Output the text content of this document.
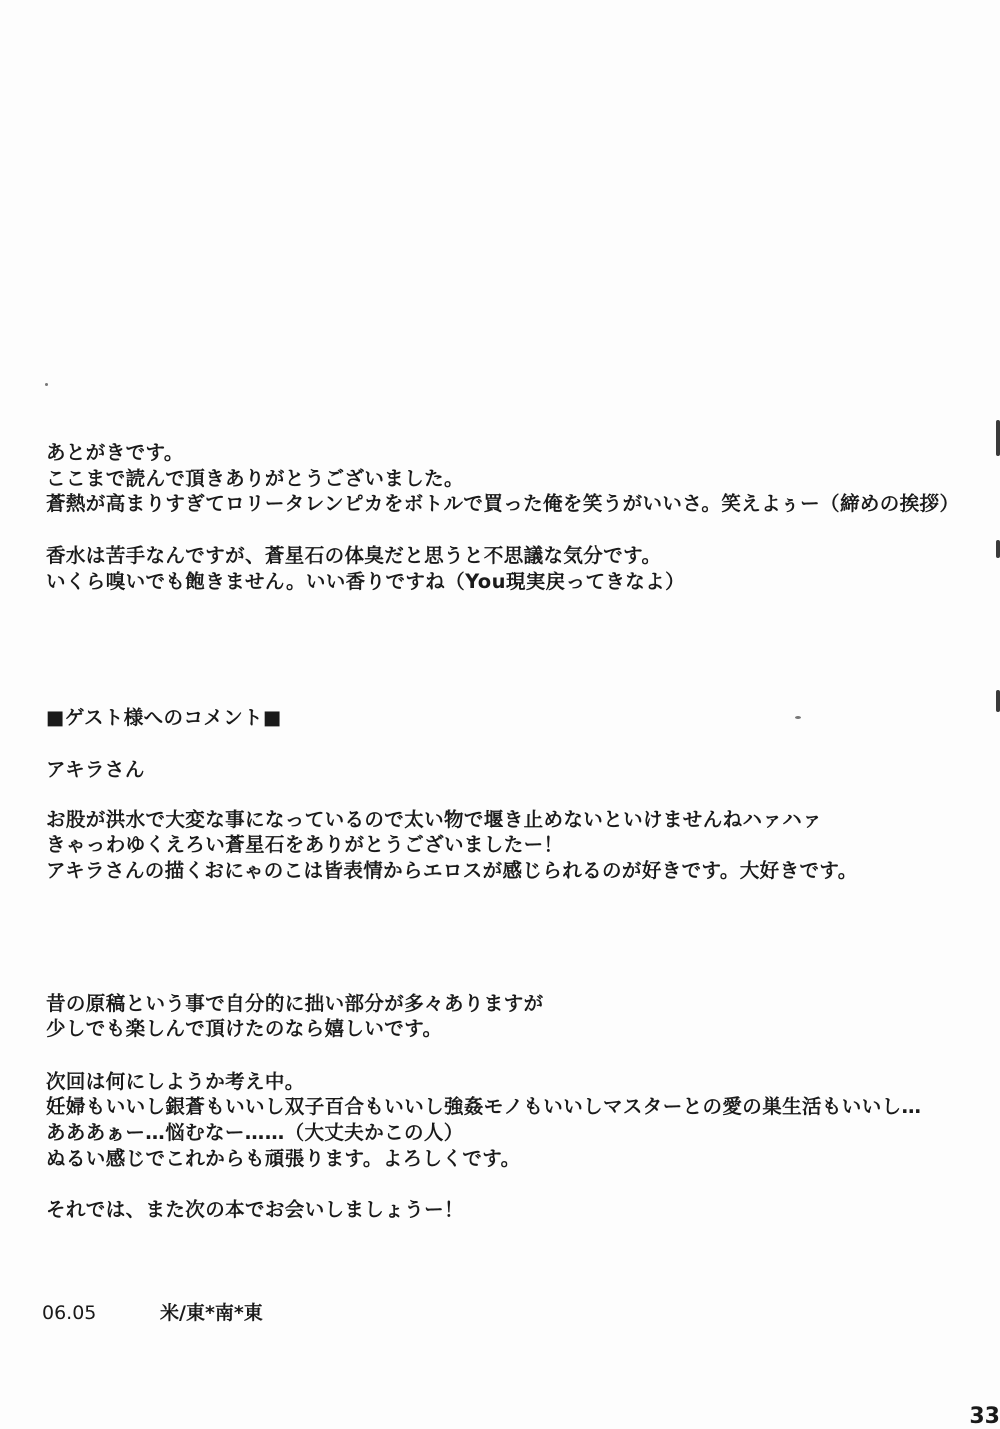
あとがきです。
ここまで読んで頂きありがとうございました。
蒼熱が高まりすぎてロリータレンピカをボトルで買った俺を笑うがいいさ。笑えよぅー（締めの挨拶）
香水は苦手なんですが、蒼星石の体臭だと思うと不思議な気分です。
いくら嗅いでも飽きません。いい香りですね（You現実戻ってきなよ）
■ゲスト様へのコメント■
アキラさん
お股が洪水で大変な事になっているので太い物で堰き止めないといけませんねハァハァ
きゃっわゆくえろい蒼星石をありがとうございましたー！
アキラさんの描くおにゃのこは皆表情からエロスが感じられるのが好きです。大好きです。
昔の原稿という事で自分的に拙い部分が多々ありますが
少しでも楽しんで頂けたのなら嬉しいです。
次回は何にしようか考え中。
妊婦もいいし銀蒼もいいし双子百合もいいし強姦モノもいいしマスターとの愛の巣生活もいいし…
あああぁー…悩むなー……（大丈夫かこの人）
ぬるい感じでこれからも頑張ります。よろしくです。
それでは、また次の本でお会いしましょうー！
06.05	米/東*南*東
33
